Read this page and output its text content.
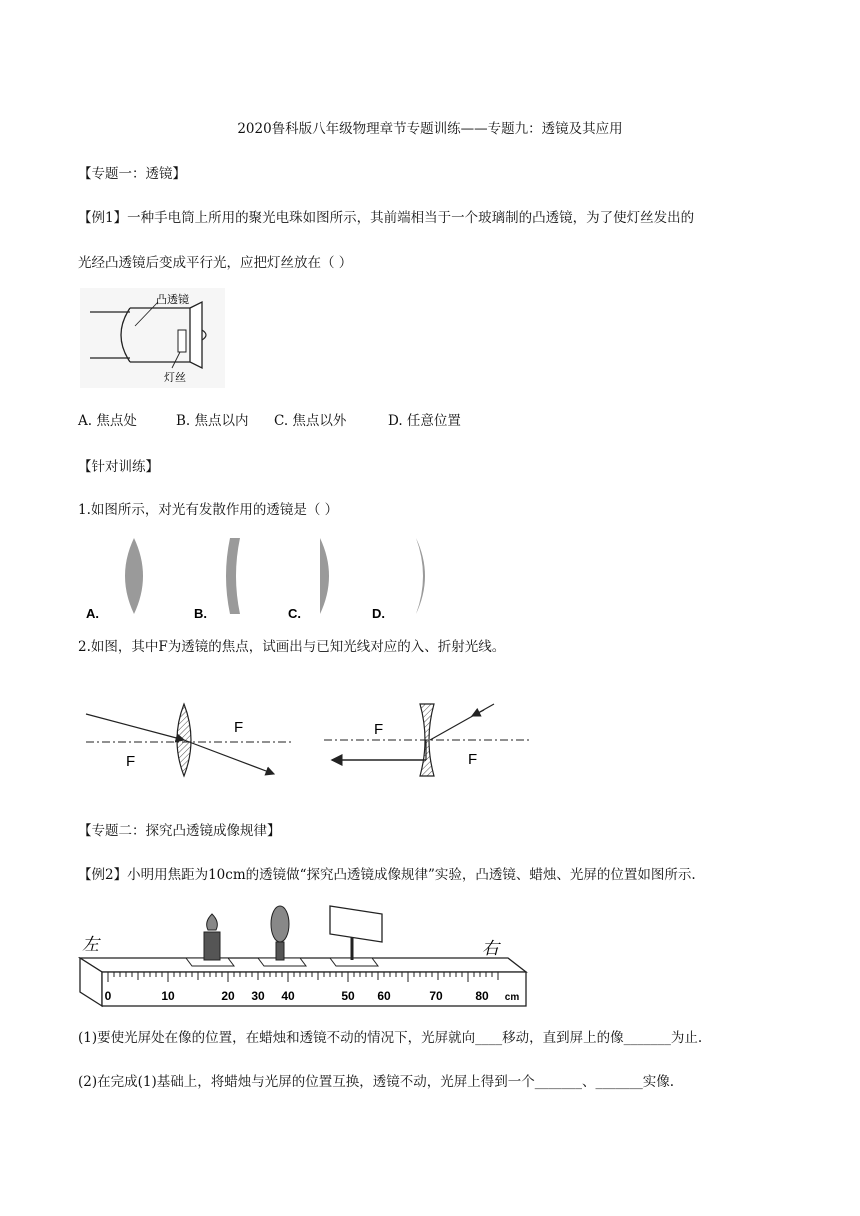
2020鲁科版八年级物理章节专题训练——专题九：透镜及其应用
【专题一：透镜】
【例1】一种手电筒上所用的聚光电珠如图所示，其前端相当于一个玻璃制的凸透镜，为了使灯丝发出的
光经凸透镜后变成平行光，应把灯丝放在（ ）
凸透镜
灯丝
A. 焦点处	B. 焦点以内 C. 焦点以外	D. 任意位置
【针对训练】
1.如图所示，对光有发散作用的透镜是（ ）
A.	B.	C.	D.
2.如图，其中F为透镜的焦点，试画出与已知光线对应的入、折射光线。
F
F
F
F
【专题二：探究凸透镜成像规律】
【例2】小明用焦距为10cm的透镜做“探究凸透镜成像规律”实验，凸透镜、蜡烛、光屏的位置如图所示.
0	10	20 30 40	50 60	70	80 cm
左	右
(1)要使光屏处在像的位置，在蜡烛和透镜不动的情况下，光屏就向____移动，直到屏上的像_______为止.
(2)在完成(1)基础上，将蜡烛与光屏的位置互换，透镜不动，光屏上得到一个_______、_______实像.
